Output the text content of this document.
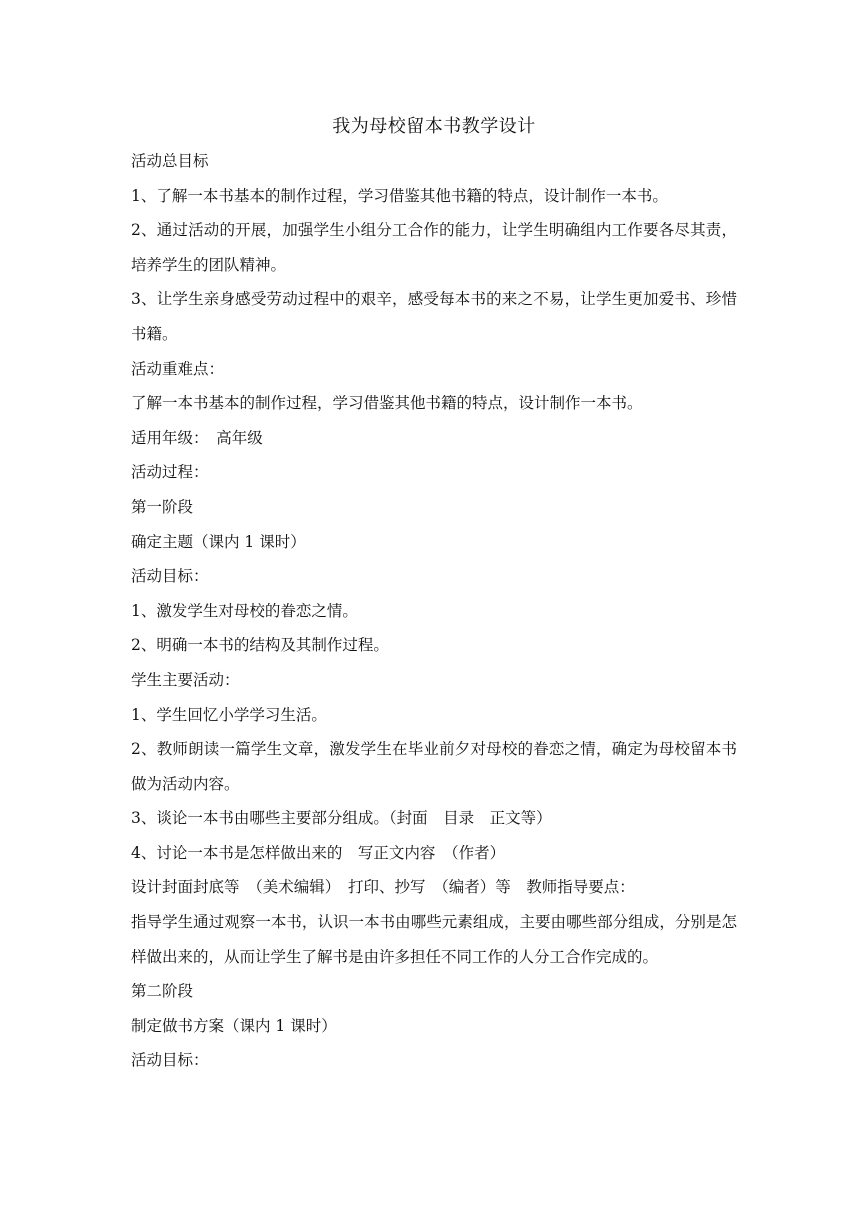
我为母校留本书教学设计

活动总目标

1、了解一本书基本的制作过程，学习借鉴其他书籍的特点，设计制作一本书。

2、通过活动的开展，加强学生小组分工合作的能力，让学生明确组内工作要各尽其责，培养学生的团队精神。

3、让学生亲身感受劳动过程中的艰辛，感受每本书的来之不易，让学生更加爱书、珍惜书籍。

活动重难点：

了解一本书基本的制作过程，学习借鉴其他书籍的特点，设计制作一本书。

适用年级：　高年级

活动过程：

第一阶段

确定主题（课内 1 课时）

活动目标：

1、激发学生对母校的眷恋之情。

2、明确一本书的结构及其制作过程。

学生主要活动：

1、学生回忆小学学习生活。

2、教师朗读一篇学生文章，激发学生在毕业前夕对母校的眷恋之情，确定为母校留本书做为活动内容。

3、谈论一本书由哪些主要部分组成。（封面　目录　正文等）

4、讨论一本书是怎样做出来的　写正文内容　（作者）

设计封面封底等　（美术编辑）　打印、抄写　（编者）等　教师指导要点：

指导学生通过观察一本书，认识一本书由哪些元素组成，主要由哪些部分组成，分别是怎样做出来的，从而让学生了解书是由许多担任不同工作的人分工合作完成的。

第二阶段

制定做书方案（课内 1 课时）

活动目标：
